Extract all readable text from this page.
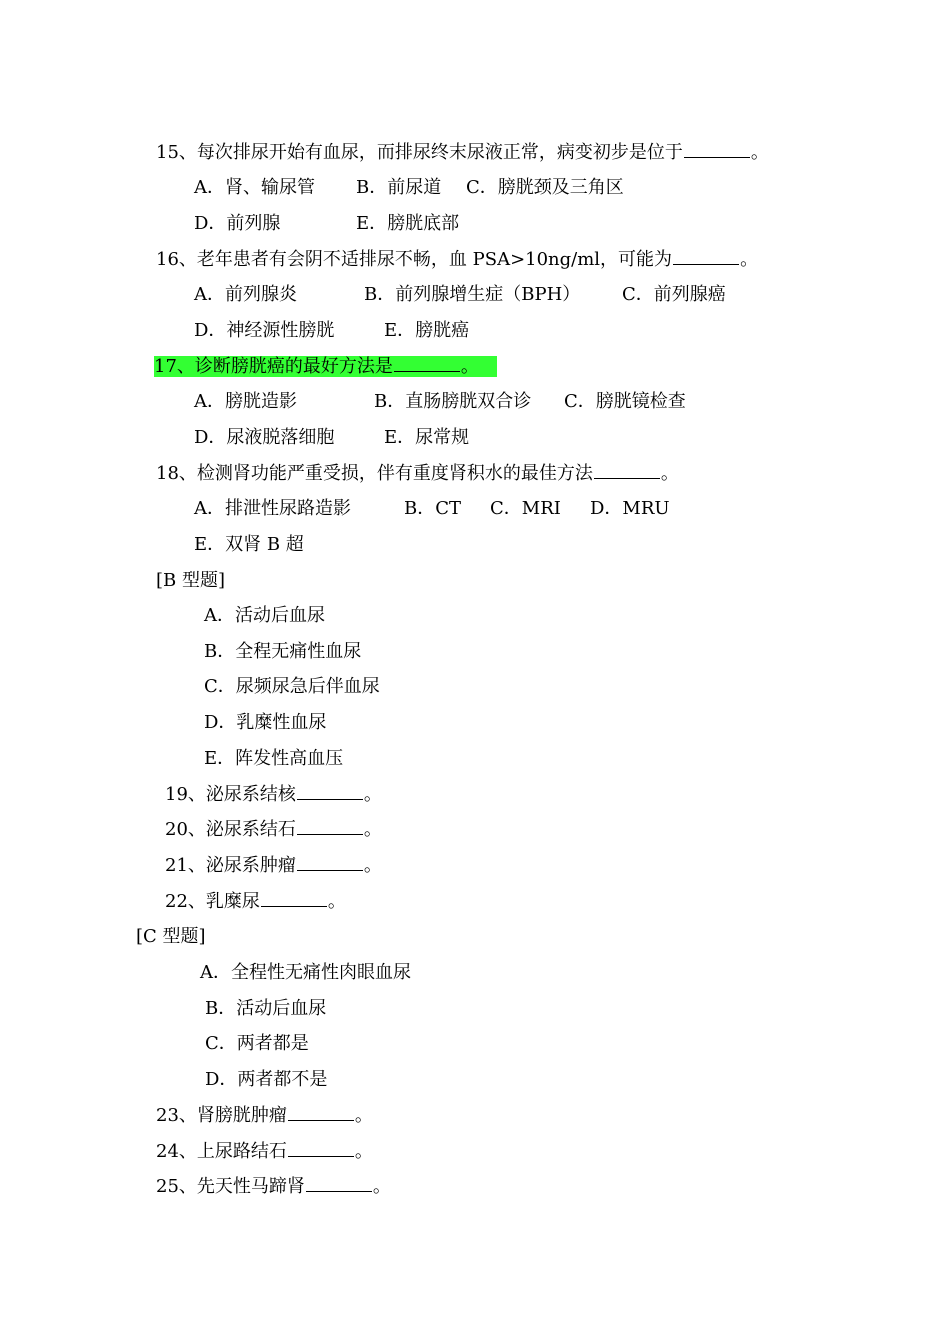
15、每次排尿开始有血尿，而排尿终末尿液正常，病变初步是位于	。
A．肾、输尿管 B．前尿道 C．膀胱颈及三角区
D．前列腺	E．膀胱底部
16、老年患者有会阴不适排尿不畅，血 PSA>10ng/ml，可能为	。
A．前列腺炎	B．前列腺增生症（BPH） C．前列腺癌
D．神经源性膀胱	E．膀胱癌
17、诊断膀胱癌的最好方法是	。
A．膀胱造影	B．直肠膀胱双合诊 C．膀胱镜检查
D．尿液脱落细胞	E．尿常规
18、检测肾功能严重受损，伴有重度肾积水的最佳方法	。
A．排泄性尿路造影	B．CT C．MRI D．MRU
E．双肾 B 超
[B 型题]
A．活动后血尿
B．全程无痛性血尿
C．尿频尿急后伴血尿
D．乳糜性血尿
E．阵发性高血压
19、泌尿系结核	。
20、泌尿系结石	。
21、泌尿系肿瘤	。
22、乳糜尿	。
[C 型题]
A．全程性无痛性肉眼血尿
B．活动后血尿
C．两者都是
D．两者都不是
23、肾膀胱肿瘤	。
24、上尿路结石	。
25、先天性马蹄肾	。
